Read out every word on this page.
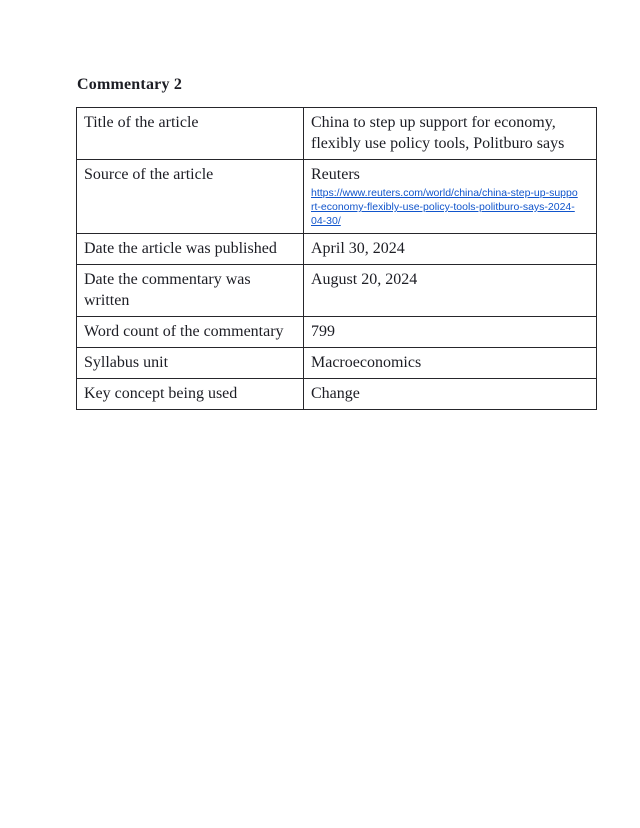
Commentary 2
Title of the article	China to step up support for economy, flexibly use policy tools, Politburo says
Source of the article	Reuters
https://www.reuters.com/world/china/china-step-up-suppo
rt-economy-flexibly-use-policy-tools-politburo-says-2024-
04-30/

Date the article was published	April 30, 2024
Date the commentary was written	August 20, 2024
Word count of the commentary	799
Syllabus unit	Macroeconomics
Key concept being used	Change
